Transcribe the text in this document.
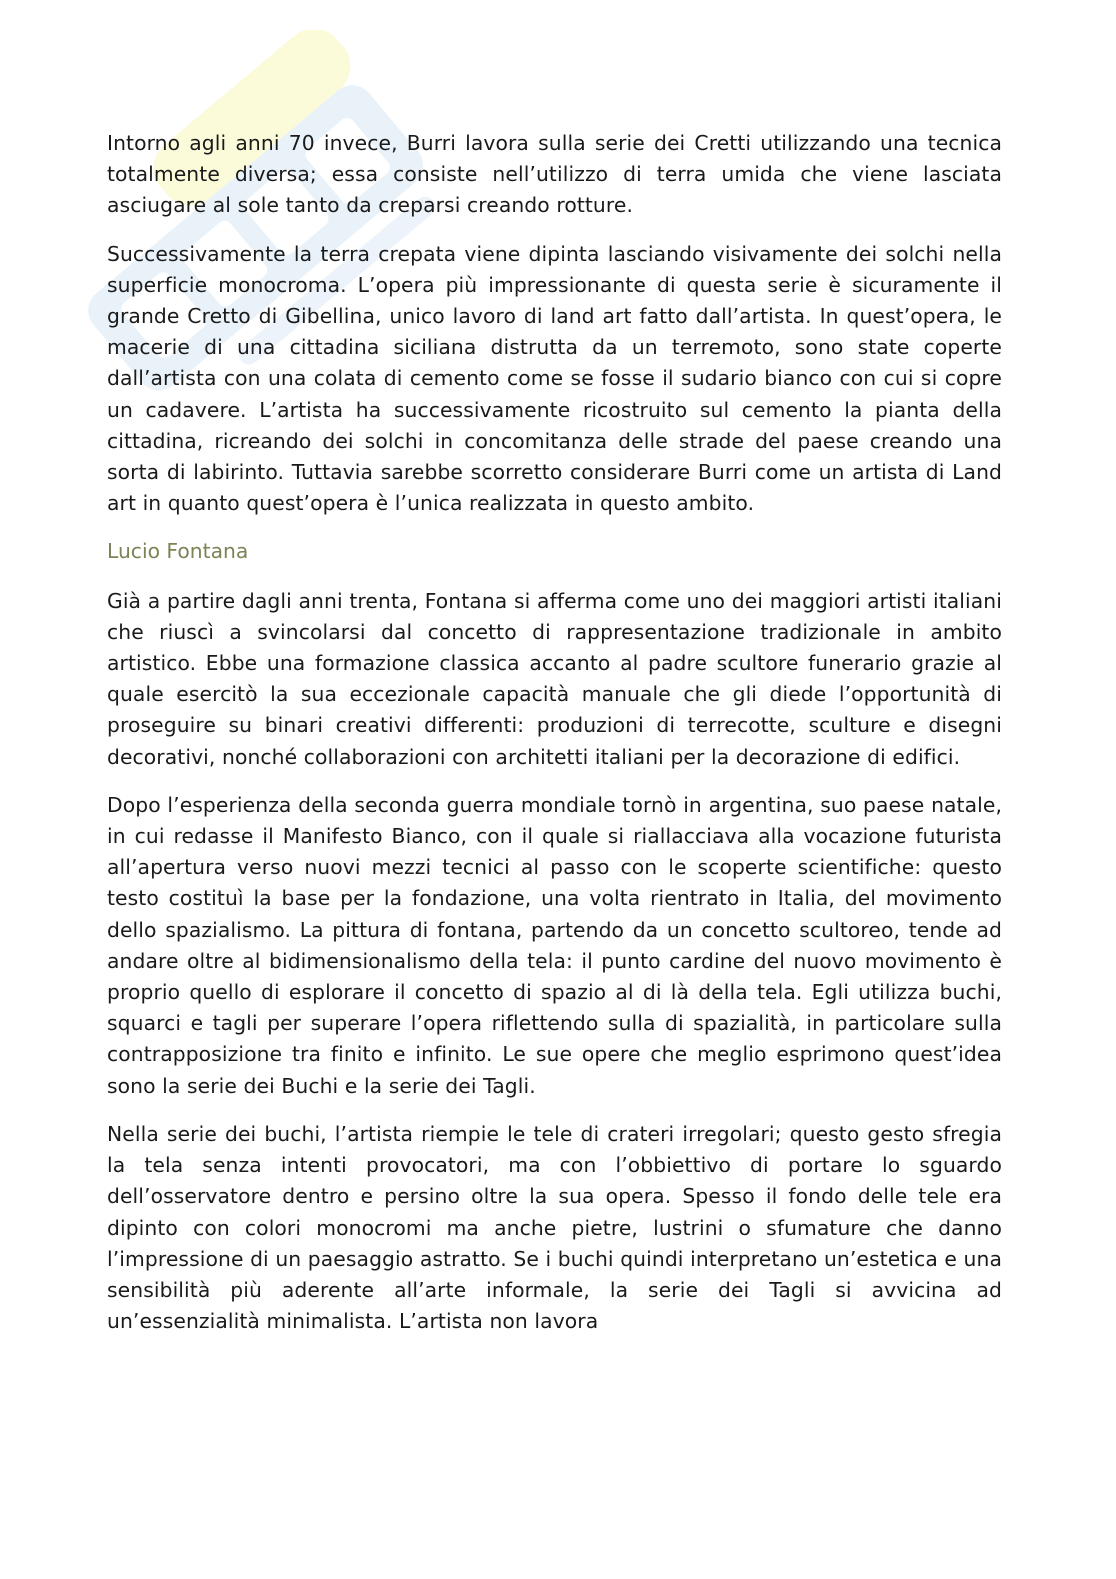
Intorno agli anni 70 invece, Burri lavora sulla serie dei Cretti utilizzando una tecnica totalmente diversa; essa consiste nell’utilizzo di terra umida che viene lasciata asciugare al sole tanto da creparsi creando rotture.

Successivamente la terra crepata viene dipinta lasciando visivamente dei solchi nella superficie monocroma. L’opera più impressionante di questa serie è sicuramente il grande Cretto di Gibellina, unico lavoro di land art fatto dall’artista. In quest’opera, le macerie di una cittadina siciliana distrutta da un terremoto, sono state coperte dall’artista con una colata di cemento come se fosse il sudario bianco con cui si copre un cadavere. L’artista ha successivamente ricostruito sul cemento la pianta della cittadina, ricreando dei solchi in concomitanza delle strade del paese creando una sorta di labirinto. Tuttavia sarebbe scorretto considerare Burri come un artista di Land art in quanto quest’opera è l’unica realizzata in questo ambito.

Lucio Fontana

Già a partire dagli anni trenta, Fontana si afferma come uno dei maggiori artisti italiani che riuscì a svincolarsi dal concetto di rappresentazione tradizionale in ambito artistico. Ebbe una formazione classica accanto al padre scultore funerario grazie al quale esercitò la sua eccezionale capacità manuale che gli diede l’opportunità di proseguire su binari creativi differenti: produzioni di terrecotte, sculture e disegni decorativi, nonché collaborazioni con architetti italiani per la decorazione di edifici.

Dopo l’esperienza della seconda guerra mondiale tornò in argentina, suo paese natale, in cui redasse il Manifesto Bianco, con il quale si riallacciava alla vocazione futurista all’apertura verso nuovi mezzi tecnici al passo con le scoperte scientifiche: questo testo costituì la base per la fondazione, una volta rientrato in Italia, del movimento dello spazialismo. La pittura di fontana, partendo da un concetto scultoreo, tende ad andare oltre al bidimensionalismo della tela: il punto cardine del nuovo movimento è proprio quello di esplorare il concetto di spazio al di là della tela. Egli utilizza buchi, squarci e tagli per superare l’opera riflettendo sulla di spazialità, in particolare sulla contrapposizione tra finito e infinito. Le sue opere che meglio esprimono quest’idea sono la serie dei Buchi e la serie dei Tagli.

Nella serie dei buchi, l’artista riempie le tele di crateri irregolari; questo gesto sfregia la tela senza intenti provocatori, ma con l’obbiettivo di portare lo sguardo dell’osservatore dentro e persino oltre la sua opera. Spesso il fondo delle tele era dipinto con colori monocromi ma anche pietre, lustrini o sfumature che danno l’impressione di un paesaggio astratto. Se i buchi quindi interpretano un’estetica e una sensibilità più aderente all’arte informale, la serie dei Tagli si avvicina ad un’essenzialità minimalista. L’artista non lavora
